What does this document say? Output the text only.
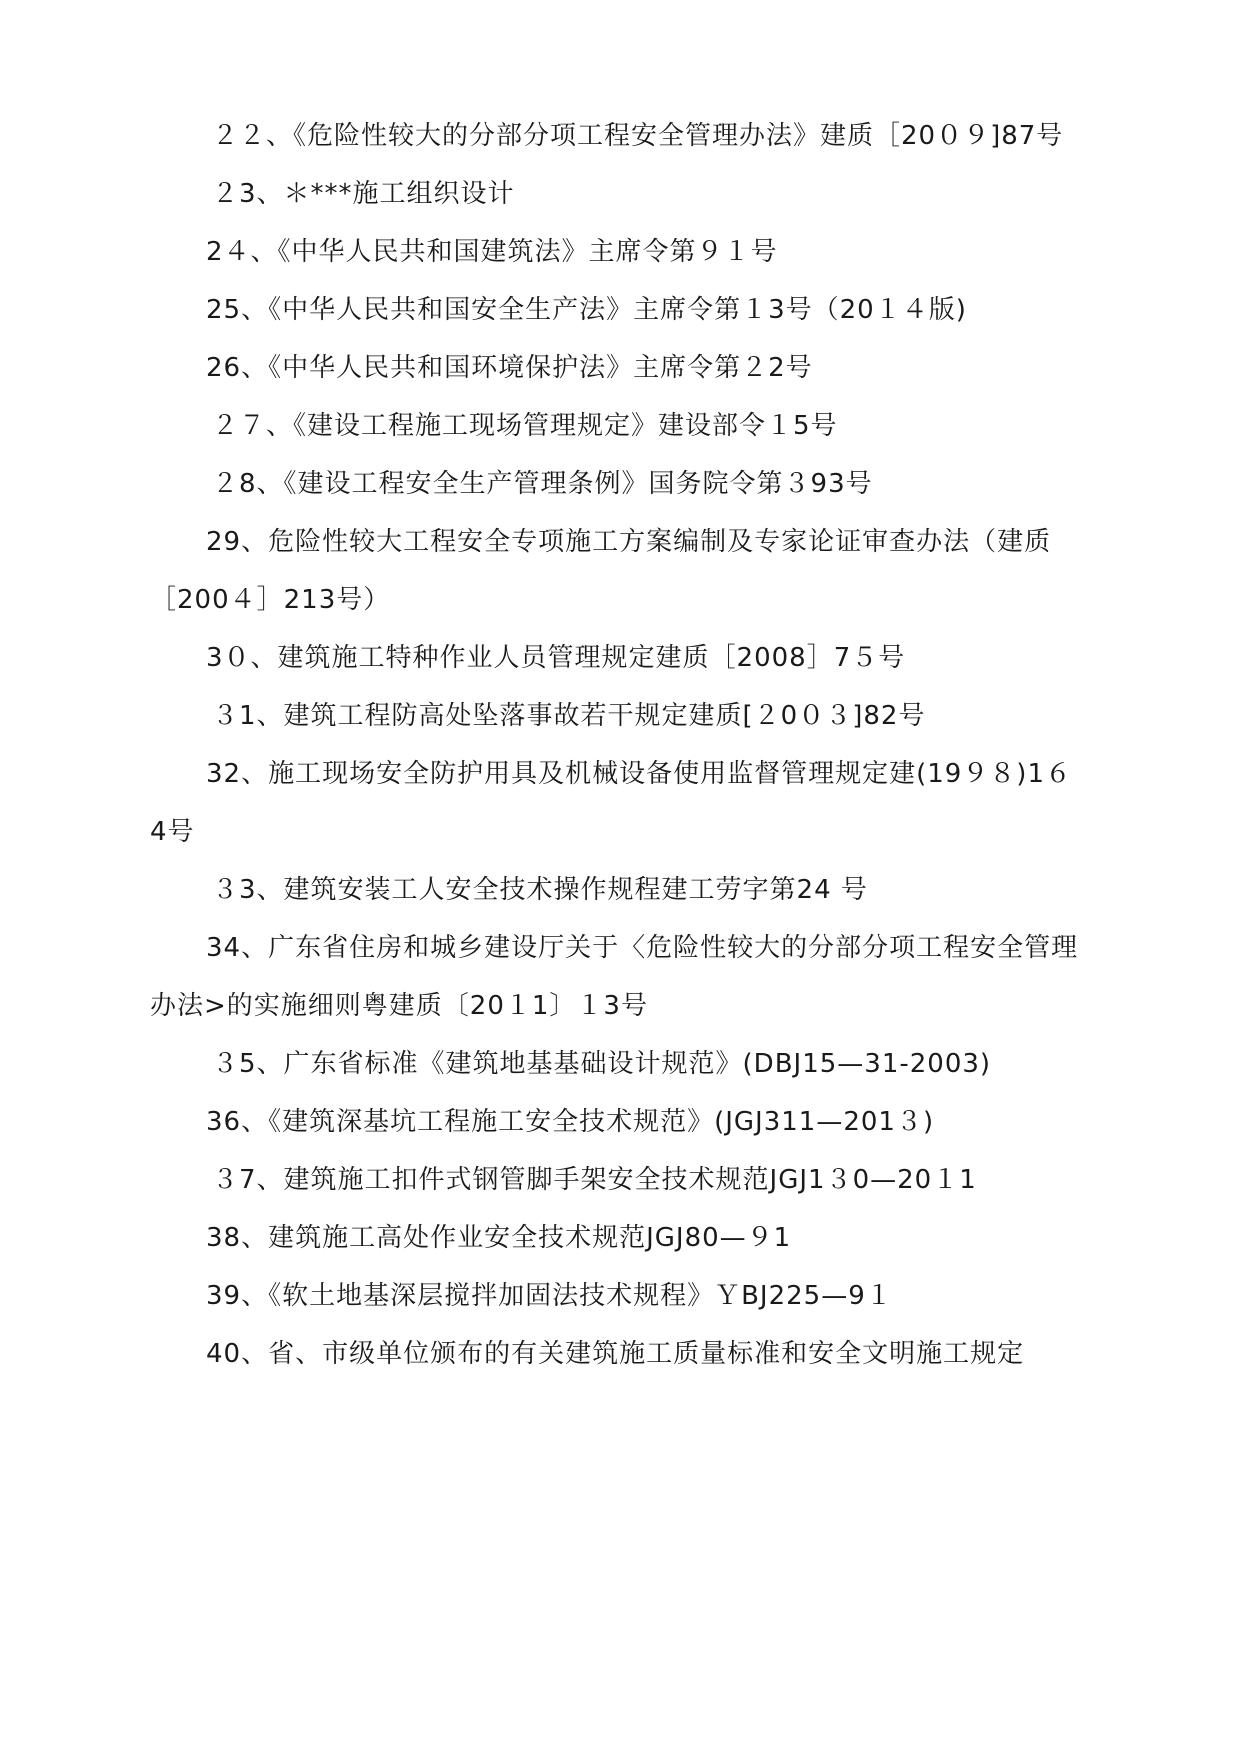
２２、《危险性较大的分部分项工程安全管理办法》建质［20０９]87号

２3、＊***施工组织设计

2４、《中华人民共和国建筑法》主席令第９１号

25、《中华人民共和国安全生产法》主席令第１3号（20１４版)

26、《中华人民共和国环境保护法》主席令第２2号

２７、《建设工程施工现场管理规定》建设部令１5号

２8、《建设工程安全生产管理条例》国务院令第３93号

29、危险性较大工程安全专项施工方案编制及专家论证审查办法（建质

［200４］213号）

3０、建筑施工特种作业人员管理规定建质［2008］7５号

３1、建筑工程防高处坠落事故若干规定建质[２0０３]82号

32、施工现场安全防护用具及机械设备使用监督管理规定建(19９８)1６

4号

３3、建筑安装工人安全技术操作规程建工劳字第24 号

34、广东省住房和城乡建设厅关于〈危险性较大的分部分项工程安全管理

办法>的实施细则粤建质〔20１1〕１3号

３5、广东省标准《建筑地基基础设计规范》(DBJ15—31-2003)

36、《建筑深基坑工程施工安全技术规范》(JGJ311—201３)

３7、建筑施工扣件式钢管脚手架安全技术规范JGJ1３0—20１1

38、建筑施工高处作业安全技术规范JGJ80—９1

39、《软土地基深层搅拌加固法技术规程》ＹBJ225—9１

40、省、市级单位颁布的有关建筑施工质量标准和安全文明施工规定
